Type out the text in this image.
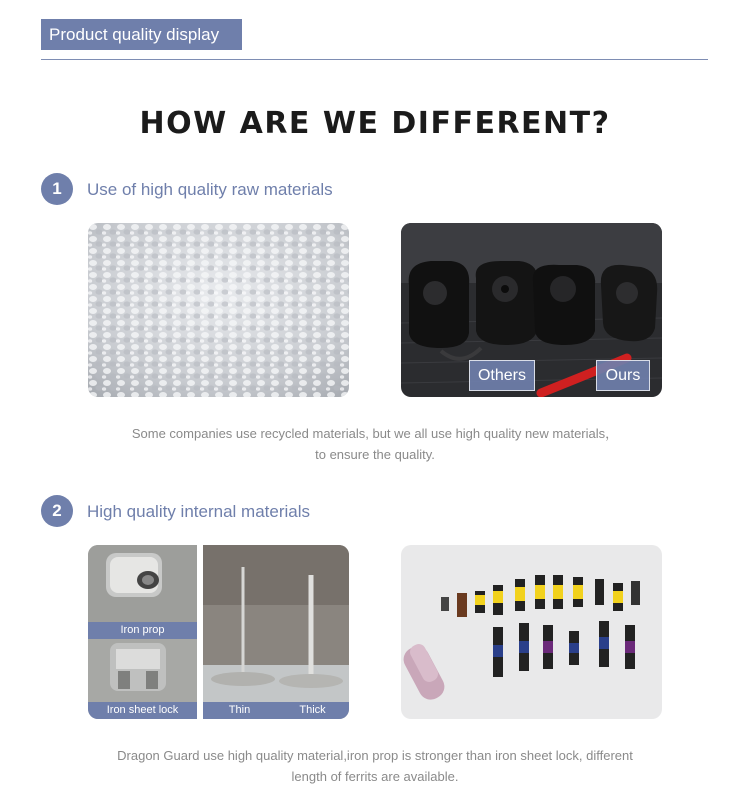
Product quality display
HOW ARE WE DIFFERENT?
1	Use of high quality raw materials
Others	Ours
Some companies use recycled materials, but we all use high quality new materials，
to ensure the quality.
2	High quality internal materials
Iron prop
Iron sheet lock	Thin	Thick
Dragon Guard use high quality material,iron prop is stronger than iron sheet lock, different
length of ferrits are available.
